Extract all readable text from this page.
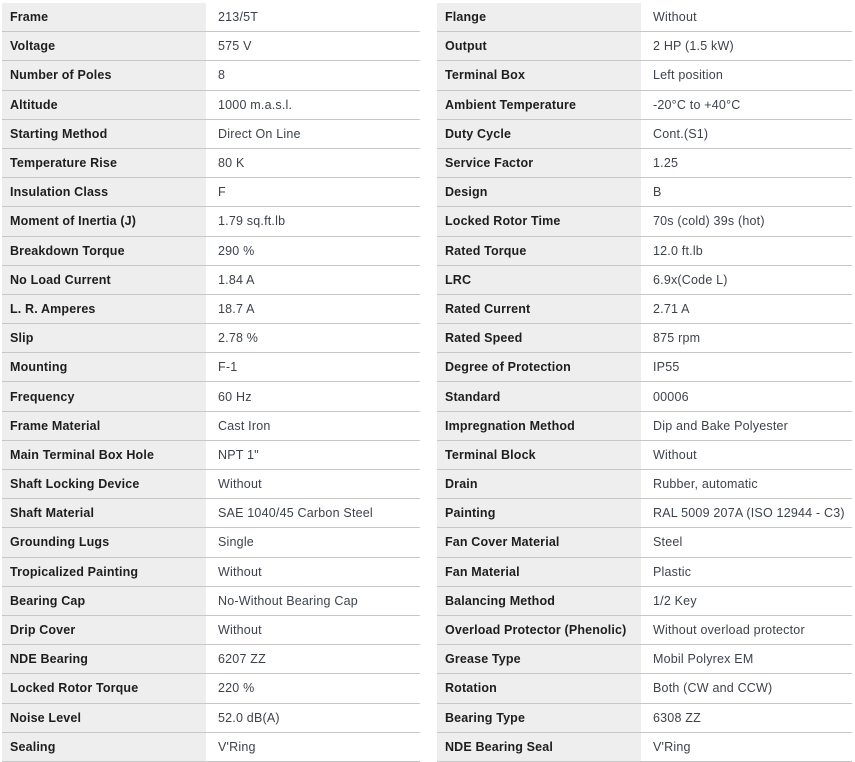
Frame	213/5T
Voltage	575 V
Number of Poles	8
Altitude	1000 m.a.s.l.
Starting Method	Direct On Line
Temperature Rise	80 K
Insulation Class	F
Moment of Inertia (J)	1.79 sq.ft.lb
Breakdown Torque	290 %
No Load Current	1.84 A
L. R. Amperes	18.7 A
Slip	2.78 %
Mounting	F-1
Frequency	60 Hz
Frame Material	Cast Iron
Main Terminal Box Hole	NPT 1"
Shaft Locking Device	Without
Shaft Material	SAE 1040/45 Carbon Steel
Grounding Lugs	Single
Tropicalized Painting	Without
Bearing Cap	No-Without Bearing Cap
Drip Cover	Without
NDE Bearing	6207 ZZ
Locked Rotor Torque	220 %
Noise Level	52.0 dB(A)
Sealing	V'Ring
Flange	Without
Output	2 HP (1.5 kW)
Terminal Box	Left position
Ambient Temperature	-20°C to +40°C
Duty Cycle	Cont.(S1)
Service Factor	1.25
Design	B
Locked Rotor Time	70s (cold) 39s (hot)
Rated Torque	12.0 ft.lb
LRC	6.9x(Code L)
Rated Current	2.71 A
Rated Speed	875 rpm
Degree of Protection	IP55
Standard	00006
Impregnation Method	Dip and Bake Polyester
Terminal Block	Without
Drain	Rubber, automatic
Painting	RAL 5009 207A (ISO 12944 - C3)
Fan Cover Material	Steel
Fan Material	Plastic
Balancing Method	1/2 Key
Overload Protector (Phenolic)	Without overload protector
Grease Type	Mobil Polyrex EM
Rotation	Both (CW and CCW)
Bearing Type	6308 ZZ
NDE Bearing Seal	V'Ring
